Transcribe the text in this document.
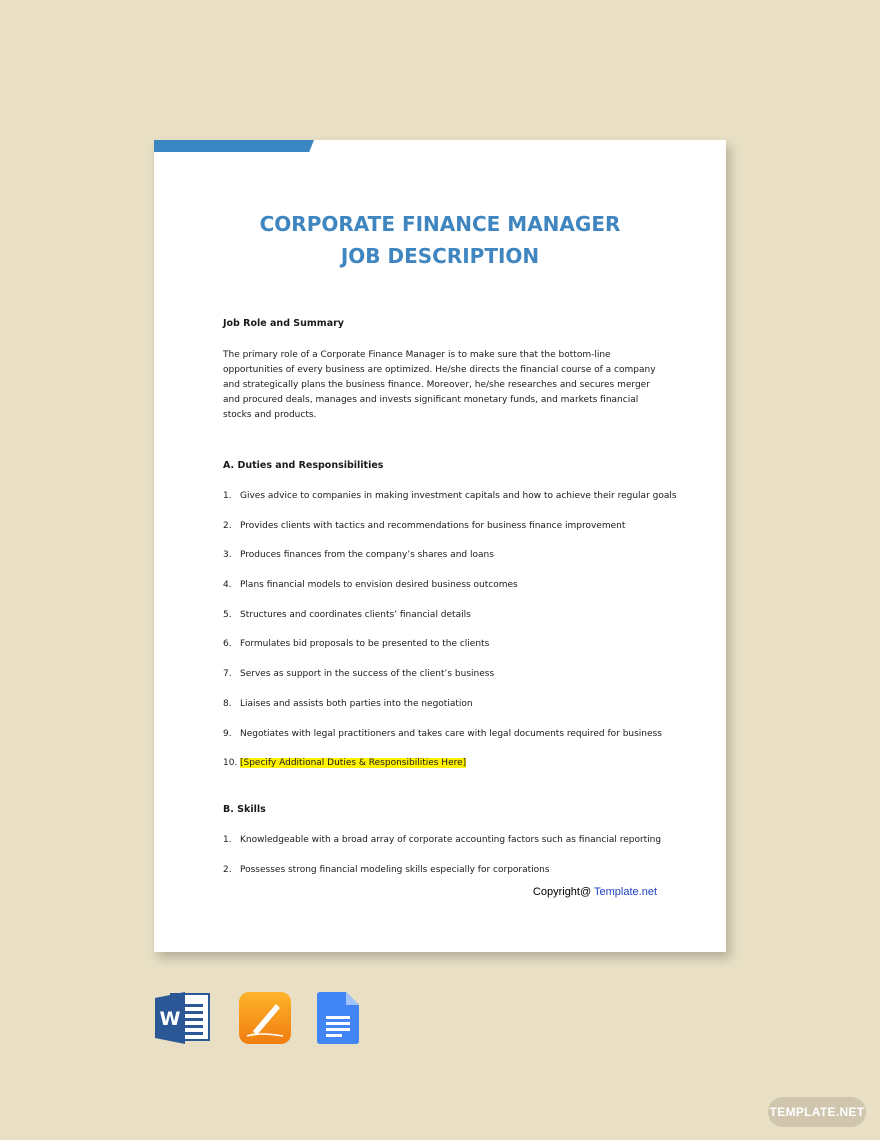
CORPORATE FINANCE MANAGER
JOB DESCRIPTION
Job Role and Summary
The primary role of a Corporate Finance Manager is to make sure that the bottom-line opportunities of every business are optimized. He/she directs the financial course of a company and strategically plans the business finance. Moreover, he/she researches and secures merger and procured deals, manages and invests significant monetary funds, and markets financial stocks and products.
A. Duties and Responsibilities
1. Gives advice to companies in making investment capitals and how to achieve their regular goals
2. Provides clients with tactics and recommendations for business finance improvement
3. Produces finances from the company’s shares and loans
4. Plans financial models to envision desired business outcomes
5. Structures and coordinates clients’ financial details
6. Formulates bid proposals to be presented to the clients
7. Serves as support in the success of the client’s business
8. Liaises and assists both parties into the negotiation
9. Negotiates with legal practitioners and takes care with legal documents required for business
10. [Specify Additional Duties & Responsibilities Here]
B. Skills
1. Knowledgeable with a broad array of corporate accounting factors such as financial reporting
2. Possesses strong financial modeling skills especially for corporations
Copyright@ Template.net
W
TEMPLATE.NET
